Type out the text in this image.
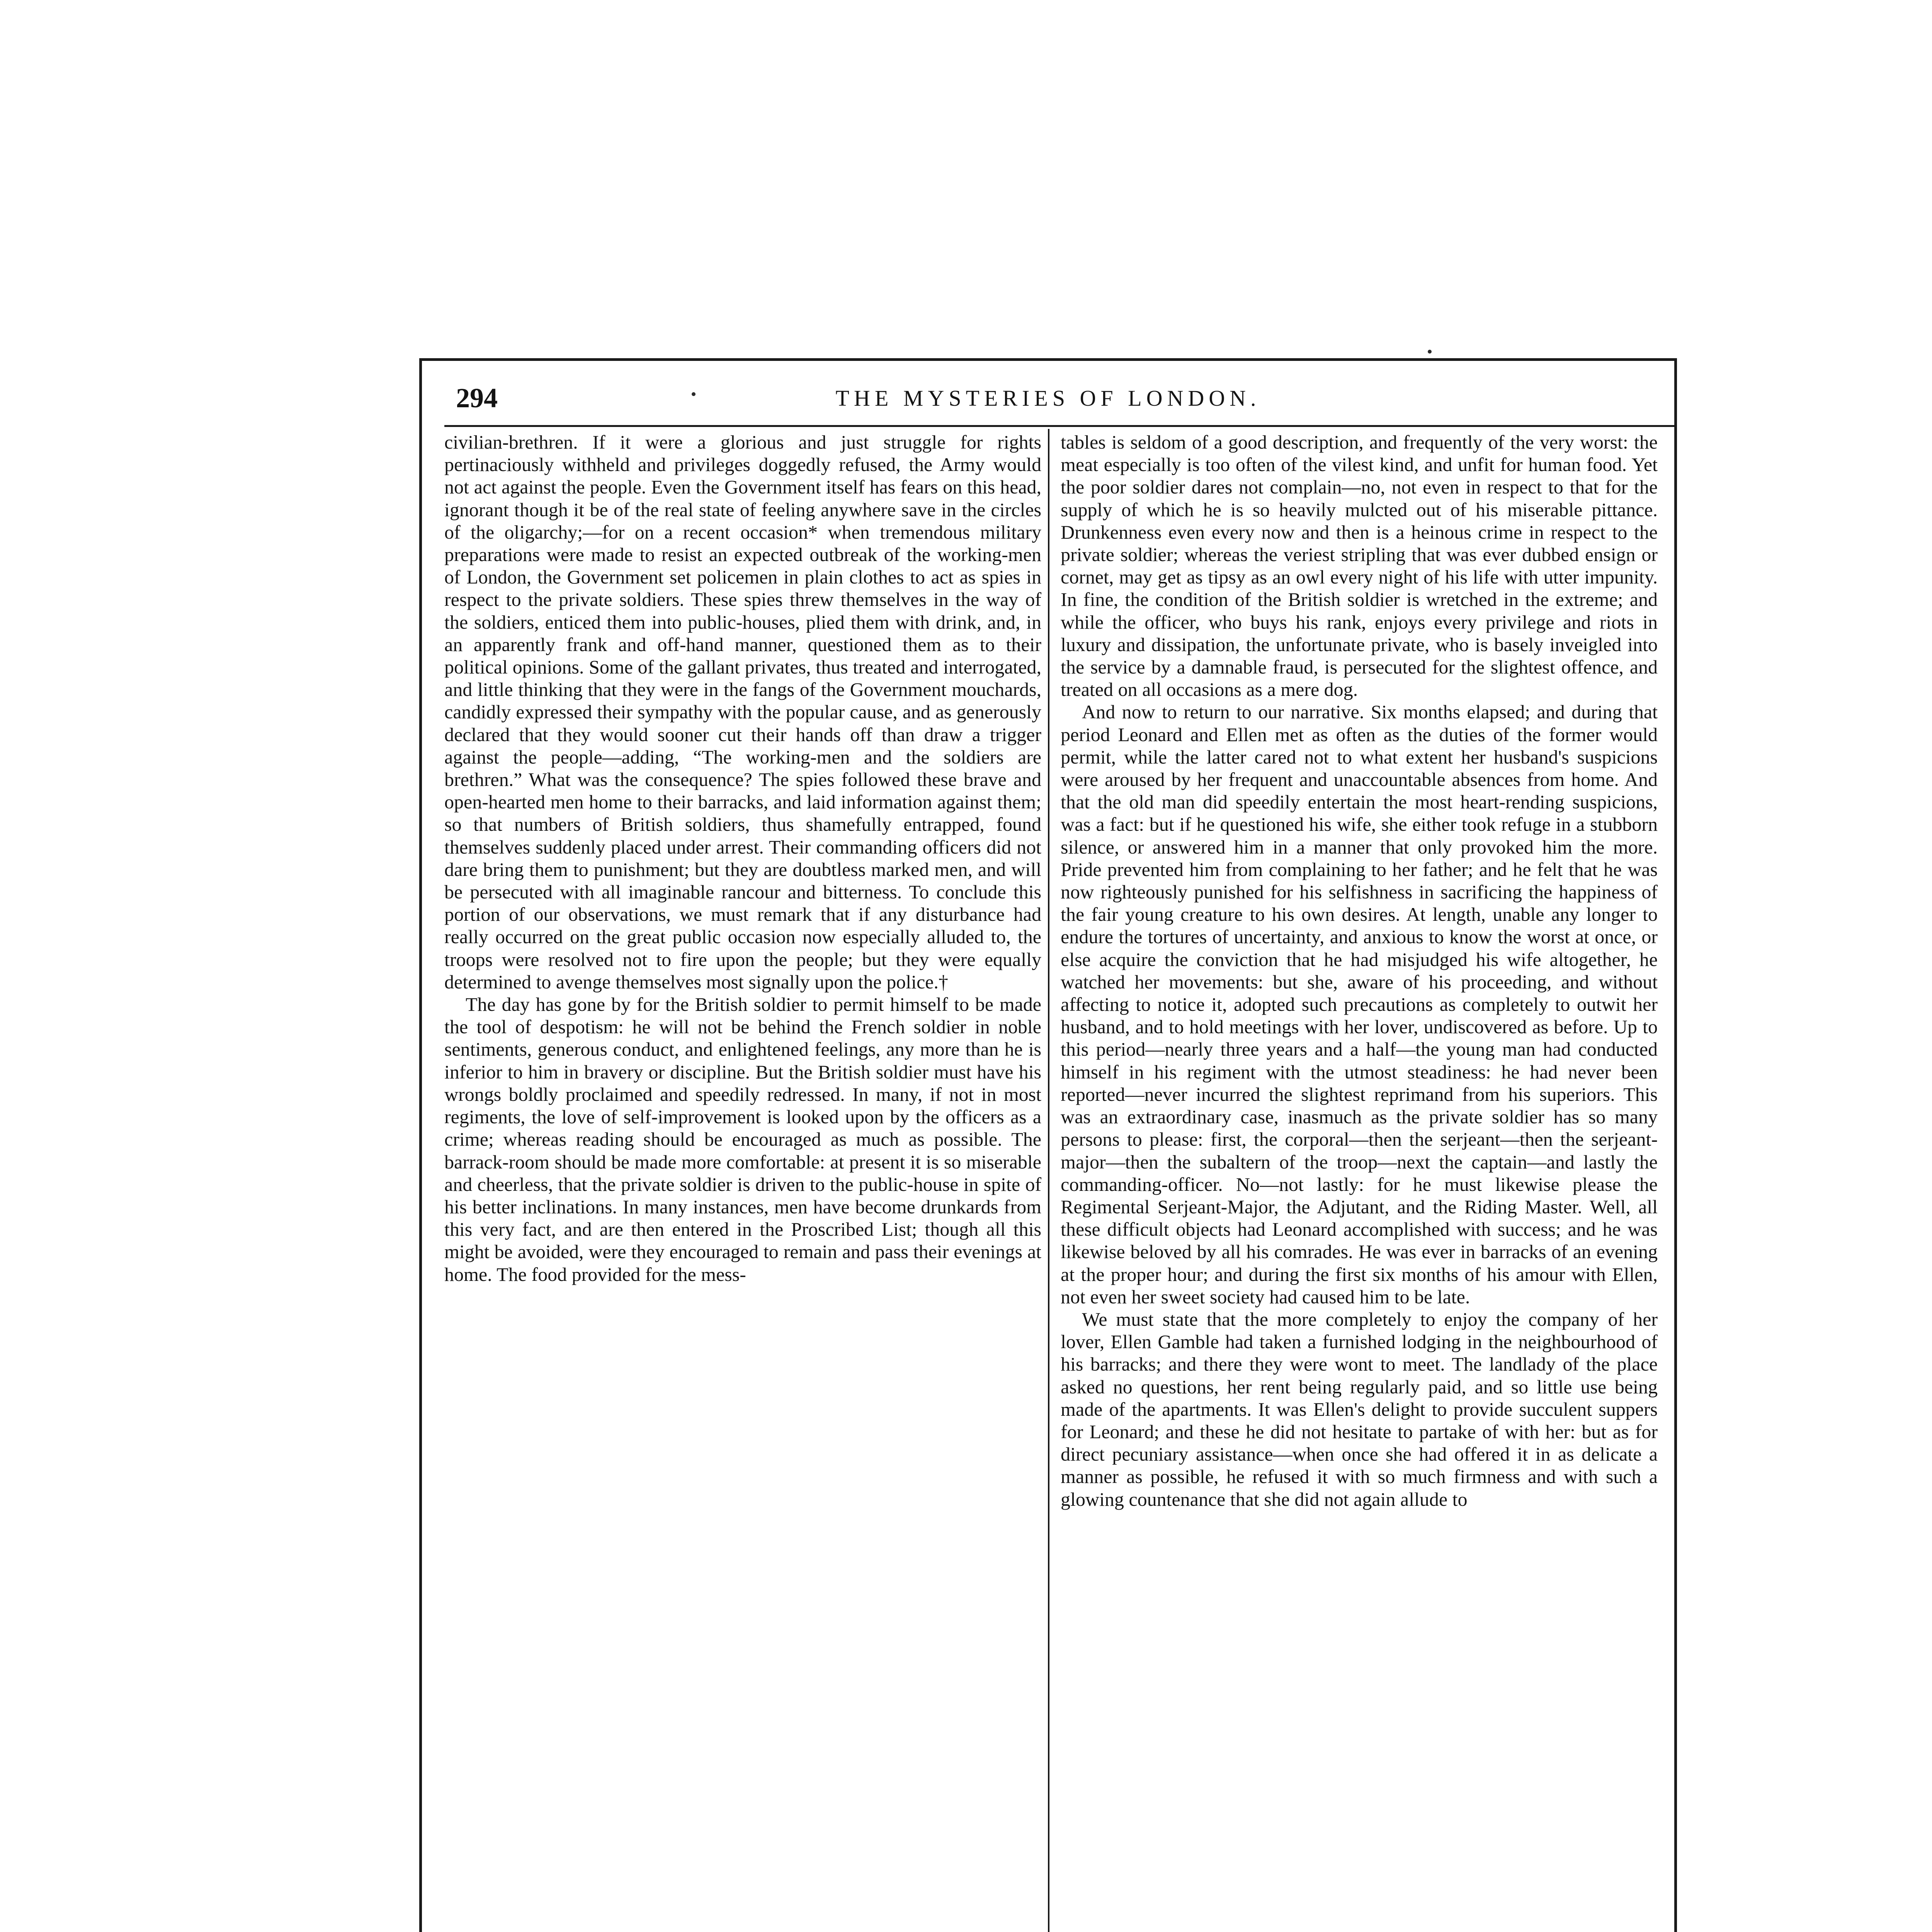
294	THE MYSTERIES OF LONDON.

civilian-brethren. If it were a glorious and just struggle for rights pertinaciously withheld and privileges doggedly refused, the Army would not act against the people. Even the Government itself has fears on this head, ignorant though it be of the real state of feeling anywhere save in the circles of the oligarchy;—for on a recent occasion* when tremendous military preparations were made to resist an expected outbreak of the working-men of London, the Government set policemen in plain clothes to act as spies in respect to the private soldiers. These spies threw themselves in the way of the soldiers, enticed them into public-houses, plied them with drink, and, in an apparently frank and off-hand manner, questioned them as to their political opinions. Some of the gallant privates, thus treated and interrogated, and little thinking that they were in the fangs of the Government mouchards, candidly expressed their sympathy with the popular cause, and as generously declared that they would sooner cut their hands off than draw a trigger against the people—adding, “The working-men and the soldiers are brethren.” What was the consequence? The spies followed these brave and open-hearted men home to their barracks, and laid information against them; so that numbers of British soldiers, thus shamefully entrapped, found themselves suddenly placed under arrest. Their commanding officers did not dare bring them to punishment; but they are doubtless marked men, and will be persecuted with all imaginable rancour and bitterness. To conclude this portion of our observations, we must remark that if any disturbance had really occurred on the great public occasion now especially alluded to, the troops were resolved not to fire upon the people; but they were equally determined to avenge themselves most signally upon the police.†

The day has gone by for the British soldier to permit himself to be made the tool of despotism: he will not be behind the French soldier in noble sentiments, generous conduct, and enlightened feelings, any more than he is inferior to him in bravery or discipline. But the British soldier must have his wrongs boldly proclaimed and speedily redressed. In many, if not in most regiments, the love of self-improvement is looked upon by the officers as a crime; whereas reading should be encouraged as much as possible. The barrack-room should be made more comfortable: at present it is so miserable and cheerless, that the private soldier is driven to the public-house in spite of his better inclinations. In many instances, men have become drunkards from this very fact, and are then entered in the Proscribed List; though all this might be avoided, were they encouraged to remain and pass their evenings at home. The food provided for the mess-

tables is seldom of a good description, and frequently of the very worst: the meat especially is too often of the vilest kind, and unfit for human food. Yet the poor soldier dares not complain—no, not even in respect to that for the supply of which he is so heavily mulcted out of his miserable pittance. Drunkenness even every now and then is a heinous crime in respect to the private soldier; whereas the veriest stripling that was ever dubbed ensign or cornet, may get as tipsy as an owl every night of his life with utter impunity. In fine, the condition of the British soldier is wretched in the extreme; and while the officer, who buys his rank, enjoys every privilege and riots in luxury and dissipation, the unfortunate private, who is basely inveigled into the service by a damnable fraud, is persecuted for the slightest offence, and treated on all occasions as a mere dog.

And now to return to our narrative. Six months elapsed; and during that period Leonard and Ellen met as often as the duties of the former would permit, while the latter cared not to what extent her husband's suspicions were aroused by her frequent and unaccountable absences from home. And that the old man did speedily entertain the most heart-rending suspicions, was a fact: but if he questioned his wife, she either took refuge in a stubborn silence, or answered him in a manner that only provoked him the more. Pride prevented him from complaining to her father; and he felt that he was now righteously punished for his selfishness in sacrificing the happiness of the fair young creature to his own desires. At length, unable any longer to endure the tortures of uncertainty, and anxious to know the worst at once, or else acquire the conviction that he had misjudged his wife altogether, he watched her movements: but she, aware of his proceeding, and without affecting to notice it, adopted such precautions as completely to outwit her husband, and to hold meetings with her lover, undiscovered as before. Up to this period—nearly three years and a half—the young man had conducted himself in his regiment with the utmost steadiness: he had never been reported—never incurred the slightest reprimand from his superiors. This was an extraordinary case, inasmuch as the private soldier has so many persons to please: first, the corporal—then the serjeant—then the serjeant-major—then the subaltern of the troop—next the captain—and lastly the commanding-officer. No—not lastly: for he must likewise please the Regimental Serjeant-Major, the Adjutant, and the Riding Master. Well, all these difficult objects had Leonard accomplished with success; and he was likewise beloved by all his comrades. He was ever in barracks of an evening at the proper hour; and during the first six months of his amour with Ellen, not even her sweet society had caused him to be late.

We must state that the more completely to enjoy the company of her lover, Ellen Gamble had taken a furnished lodging in the neighbourhood of his barracks; and there they were wont to meet. The landlady of the place asked no questions, her rent being regularly paid, and so little use being made of the apartments. It was Ellen's delight to provide succulent suppers for Leonard; and these he did not hesitate to partake of with her: but as for direct pecuniary assistance—when once she had offered it in as delicate a manner as possible, he refused it with so much firmness and with such a glowing countenance that she did not again allude to
